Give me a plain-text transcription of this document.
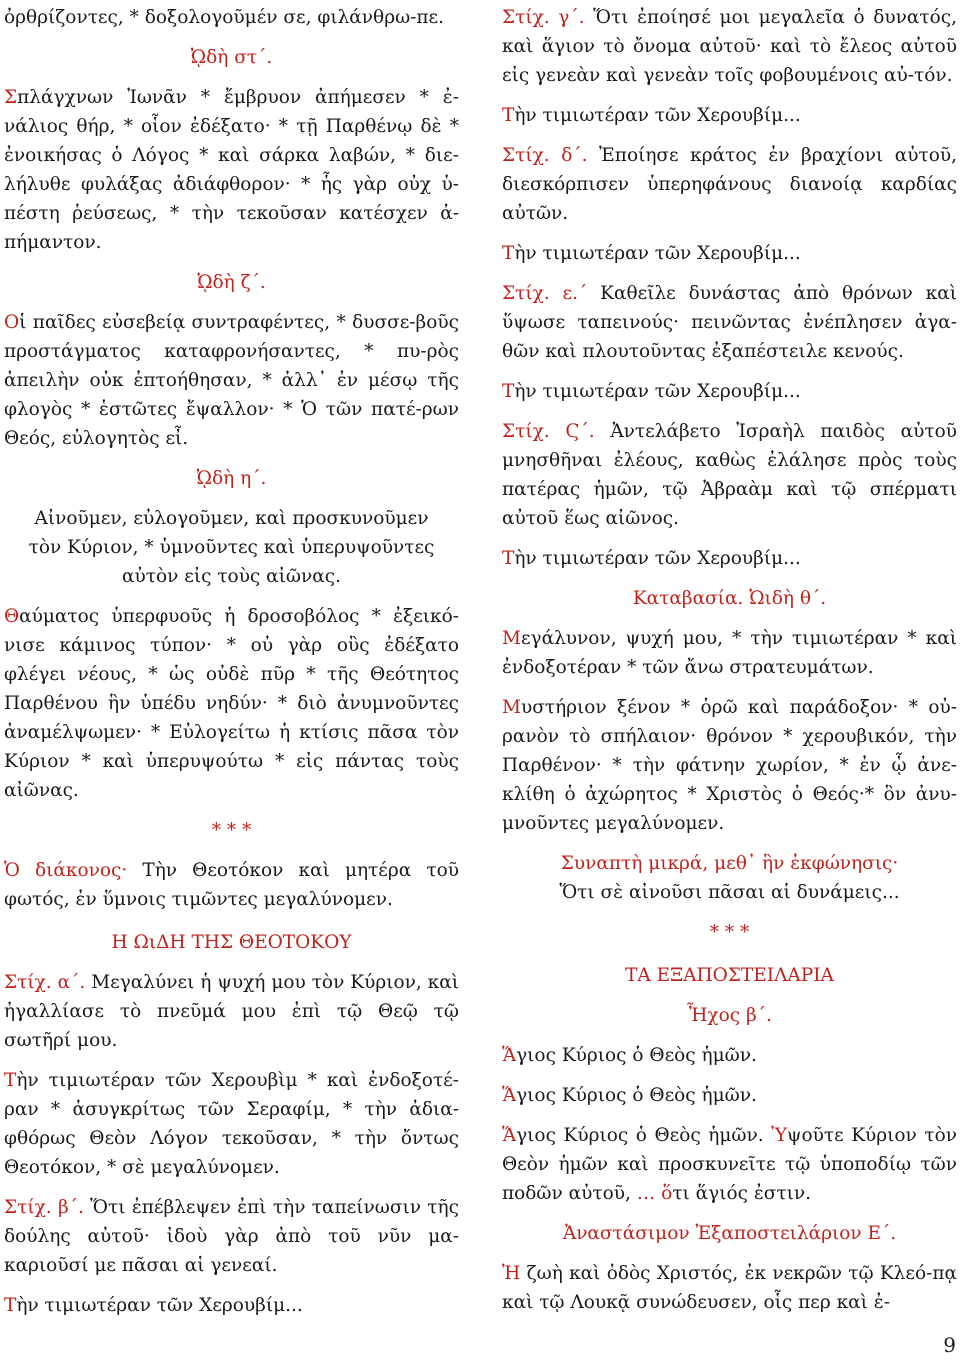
ὀρθρίζοντες, * δοξολογοῦμέν σε, φιλάνθρω-πε.

ᾨδὴ στ΄.

Σπλάγχνων Ἰωνᾶν * ἔμβρυον ἀπήμεσεν * ἐ-νάλιος θήρ, * οἷον ἐδέξατο· * τῇ Παρθένῳ δὲ * ἐνοικήσας ὁ Λόγος * καὶ σάρκα λαβών, * διε-λήλυθε φυλάξας ἀδιάφθορον· * ἧς γὰρ οὐχ ὑ-πέστη ῥεύσεως, * τὴν τεκοῦσαν κατέσχεν ἀ-πήμαντον.

ᾨδὴ ζ΄.

Οἱ παῖδες εὐσεβείᾳ συντραφέντες, * δυσσε-βοῦς προστάγματος καταφρονήσαντες, * πυ-ρὸς ἀπειλὴν οὐκ ἐπτοήθησαν, * ἀλλ᾽ ἐν μέσῳ τῆς φλογὸς * ἑστῶτες ἔψαλλον· * Ὁ τῶν πατέ-ρων Θεός, εὐλογητὸς εἶ.

ᾨδὴ η΄.

Αἰνοῦμεν, εὐλογοῦμεν, καὶ προσκυνοῦμεν

τὸν Κύριον, * ὑμνοῦντες καὶ ὑπερυψοῦντες

αὐτὸν εἰς τοὺς αἰῶνας.

Θαύματος ὑπερφυοῦς ἡ δροσοβόλος * ἐξεικό-νισε κάμινος τύπον· * οὐ γὰρ οὓς ἐδέξατο φλέγει νέους, * ὡς οὐδὲ πῦρ * τῆς Θεότητος Παρθένου ἣν ὑπέδυ νηδύν· * διὸ ἀνυμνοῦντες ἀναμέλψωμεν· * Εὐλογείτω ἡ κτίσις πᾶσα τὸν Κύριον * καὶ ὑπερυψούτω * εἰς πάντας τοὺς αἰῶνας.

* * *

Ὁ διάκονος· Τὴν Θεοτόκον καὶ μητέρα τοῦ φωτός, ἐν ὕμνοις τιμῶντες μεγαλύνομεν.

Η ΩιΔΗ ΤΗΣ ΘΕΟΤΟΚΟΥ

Στίχ. α΄. Μεγαλύνει ἡ ψυχή μου τὸν Κύριον, καὶ ἠγαλλίασε τὸ πνεῦμά μου ἐπὶ τῷ Θεῷ τῷ σωτῆρί μου.

Τὴν τιμιωτέραν τῶν Χερουβὶμ * καὶ ἐνδοξοτέ-ραν * ἀσυγκρίτως τῶν Σεραφίμ, * τὴν ἀδια-φθόρως Θεὸν Λόγον τεκοῦσαν, * τὴν ὄντως Θεοτόκον, * σὲ μεγαλύνομεν.

Στίχ. β΄. Ὅτι ἐπέβλεψεν ἐπὶ τὴν ταπείνωσιν τῆς δούλης αὐτοῦ· ἰδοὺ γὰρ ἀπὸ τοῦ νῦν μα-καριοῦσί με πᾶσαι αἱ γενεαί.

Τὴν τιμιωτέραν τῶν Χερουβίμ...

Στίχ. γ΄. Ὅτι ἐποίησέ μοι μεγαλεῖα ὁ δυνατός, καὶ ἅγιον τὸ ὄνομα αὐτοῦ· καὶ τὸ ἔλεος αὐτοῦ εἰς γενεὰν καὶ γενεὰν τοῖς φοβουμένοις αὐ-τόν.

Τὴν τιμιωτέραν τῶν Χερουβίμ...

Στίχ. δ΄. Ἐποίησε κράτος ἐν βραχίονι αὐτοῦ, διεσκόρπισεν ὑπερηφάνους διανοίᾳ καρδίας αὐτῶν.

Τὴν τιμιωτέραν τῶν Χερουβίμ...

Στίχ. ε.΄ Καθεῖλε δυνάστας ἀπὸ θρόνων καὶ ὕψωσε ταπεινούς· πεινῶντας ἐνέπλησεν ἀγα-θῶν καὶ πλουτοῦντας ἐξαπέστειλε κενούς.

Τὴν τιμιωτέραν τῶν Χερουβίμ...

Στίχ. Ϛ΄. Ἀντελάβετο Ἰσραὴλ παιδὸς αὐτοῦ μνησθῆναι ἐλέους, καθὼς ἐλάλησε πρὸς τοὺς πατέρας ἡμῶν, τῷ Ἀβραὰμ καὶ τῷ σπέρματι αὐτοῦ ἕως αἰῶνος.

Τὴν τιμιωτέραν τῶν Χερουβίμ...

Καταβασία. Ὠιδὴ θ΄.

Μεγάλυνον, ψυχή μου, * τὴν τιμιωτέραν * καὶ ἐνδοξοτέραν * τῶν ἄνω στρατευμάτων.

Μυστήριον ξένον * ὁρῶ καὶ παράδοξον· * οὐ-ρανὸν τὸ σπήλαιον· θρόνον * χερουβικόν, τὴν Παρθένον· * τὴν φάτνην χωρίον, * ἐν ᾧ ἀνε-κλίθη ὁ ἀχώρητος * Χριστὸς ὁ Θεός·* ὃν ἀνυ-μνοῦντες μεγαλύνομεν.

Συναπτὴ μικρά, μεθ᾽ ἣν ἐκφώνησις·

Ὅτι σὲ αἰνοῦσι πᾶσαι αἱ δυνάμεις...

* * *

ΤΑ ΕΞΑΠΟΣΤΕΙΛΑΡΙΑ

Ἦχος β΄.

Ἅγιος Κύριος ὁ Θεὸς ἡμῶν.

Ἅγιος Κύριος ὁ Θεὸς ἡμῶν.

Ἅγιος Κύριος ὁ Θεὸς ἡμῶν. Ὑψοῦτε Κύριον τὸν Θεὸν ἡμῶν καὶ προσκυνεῖτε τῷ ὑποποδίῳ τῶν ποδῶν αὐτοῦ, … ὅτι ἅγιός ἐστιν.

Ἀναστάσιμον Ἐξαποστειλάριον Ε΄.

Ἡ ζωὴ καὶ ὁδὸς Χριστός, ἐκ νεκρῶν τῷ Κλεό-πᾳ καὶ τῷ Λουκᾷ συνώδευσεν, οἷς περ καὶ ἐ-

9
